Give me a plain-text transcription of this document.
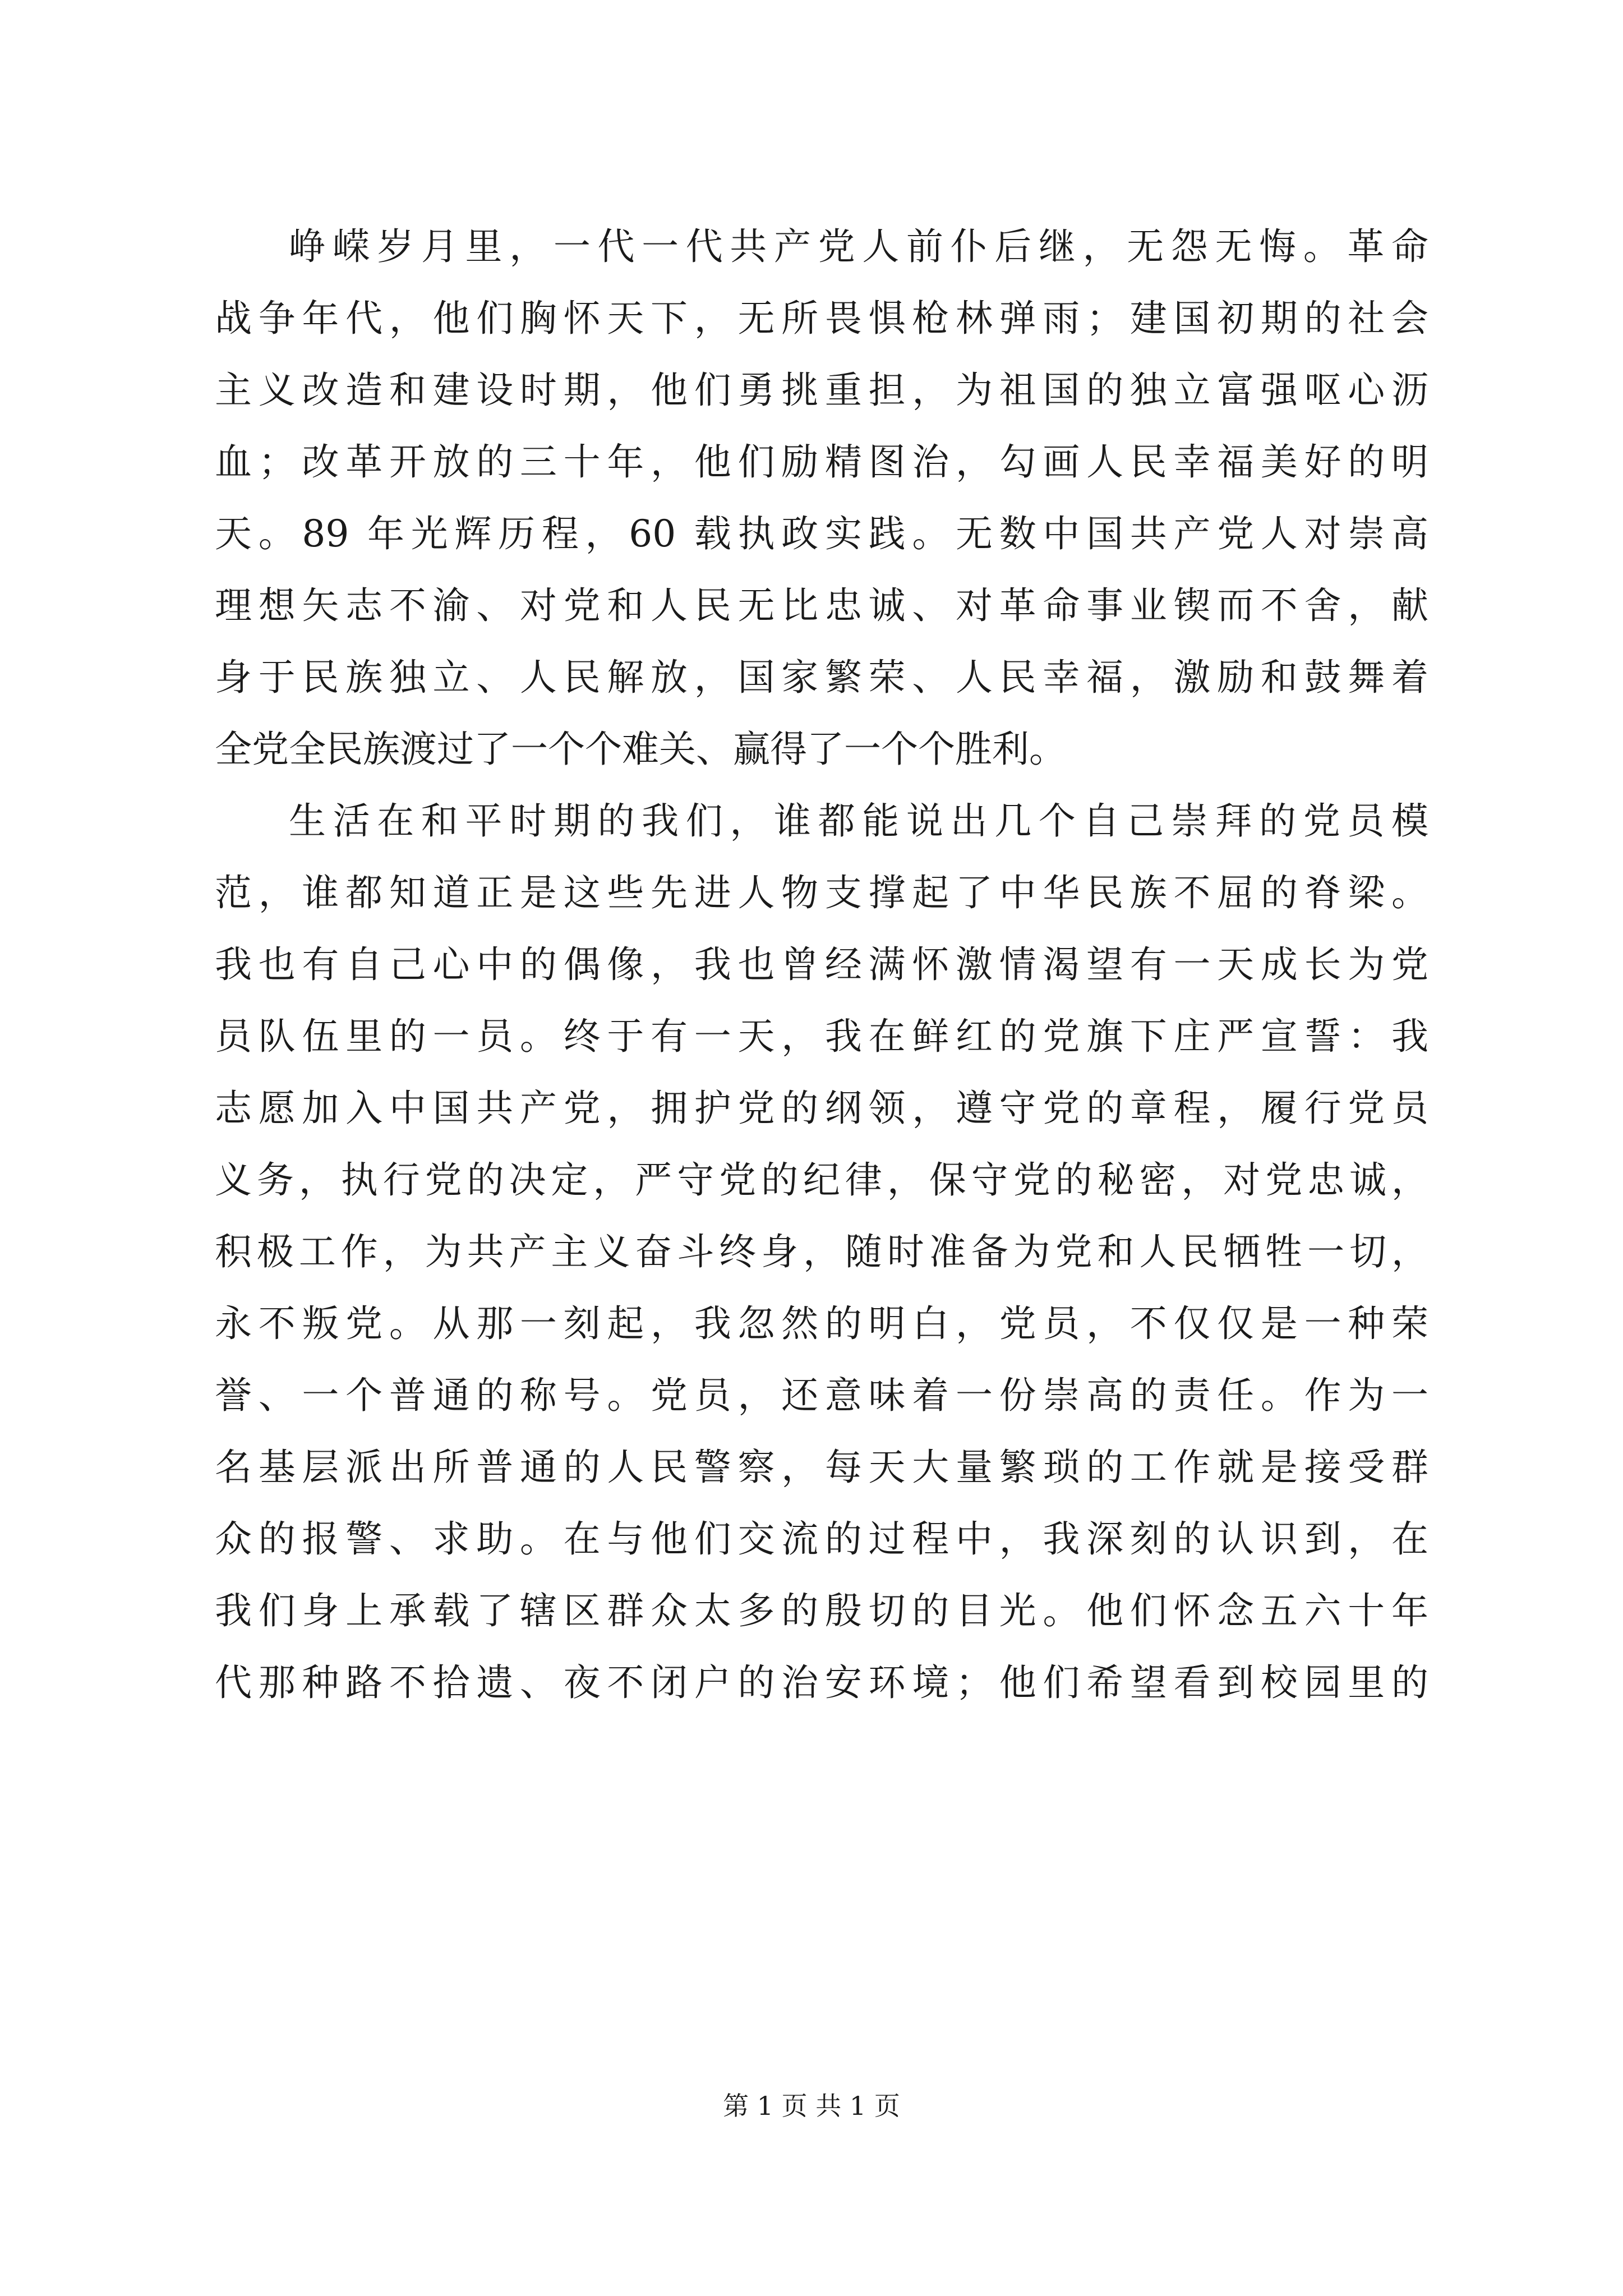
峥嵘岁月里，一代一代共产党人前仆后继，无怨无悔。革命
战争年代，他们胸怀天下，无所畏惧枪林弹雨；建国初期的社会
主义改造和建设时期，他们勇挑重担，为祖国的独立富强呕心沥
血；改革开放的三十年，他们励精图治，勾画人民幸福美好的明
天。89 年光辉历程，60 载执政实践。无数中国共产党人对崇高
理想矢志不渝、对党和人民无比忠诚、对革命事业锲而不舍，献
身于民族独立、人民解放，国家繁荣、人民幸福，激励和鼓舞着
全党全民族渡过了一个个难关、赢得了一个个胜利。
生活在和平时期的我们，谁都能说出几个自己崇拜的党员模
范，谁都知道正是这些先进人物支撑起了中华民族不屈的脊梁。
我也有自己心中的偶像，我也曾经满怀激情渴望有一天成长为党
员队伍里的一员。终于有一天，我在鲜红的党旗下庄严宣誓：我
志愿加入中国共产党，拥护党的纲领，遵守党的章程，履行党员
义务，执行党的决定，严守党的纪律，保守党的秘密，对党忠诚，
积极工作，为共产主义奋斗终身，随时准备为党和人民牺牲一切，
永不叛党。从那一刻起，我忽然的明白，党员，不仅仅是一种荣
誉、一个普通的称号。党员，还意味着一份崇高的责任。作为一
名基层派出所普通的人民警察，每天大量繁琐的工作就是接受群
众的报警、求助。在与他们交流的过程中，我深刻的认识到，在
我们身上承载了辖区群众太多的殷切的目光。他们怀念五六十年
代那种路不拾遗、夜不闭户的治安环境；他们希望看到校园里的
第 1 页 共 1 页
